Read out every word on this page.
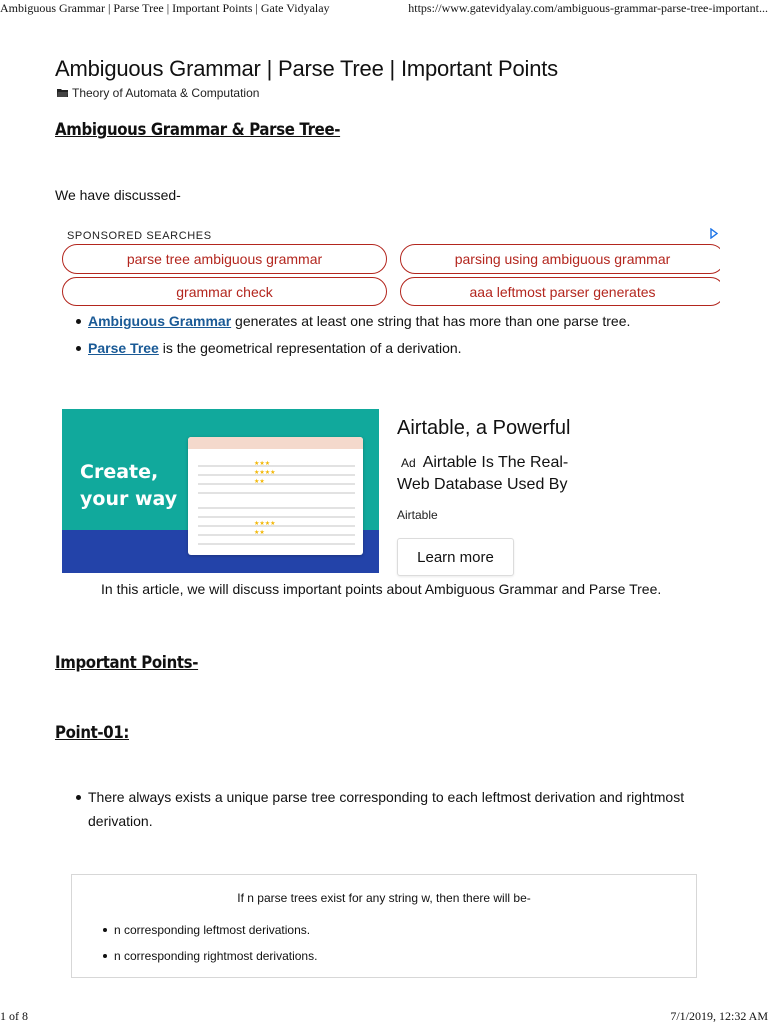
Ambiguous Grammar | Parse Tree | Important Points | Gate Vidyalay	https://www.gatevidyalay.com/ambiguous-grammar-parse-tree-important...
Ambiguous Grammar | Parse Tree | Important Points
Theory of Automata & Computation
Ambiguous Grammar & Parse Tree-
We have discussed-
SPONSORED SEARCHES
parse tree ambiguous grammar	parsing using ambiguous grammar
grammar check	aaa leftmost parser generates
Ambiguous Grammar generates at least one string that has more than one parse tree.
Parse Tree is the geometrical representation of a derivation.
Create,
your way
★★★
★★★★
★★
★★★★
★★
Airtable, a Powerful
Ad Airtable Is The Real-
Web Database Used By
Airtable
Learn more
In this article, we will discuss important points about Ambiguous Grammar and Parse Tree.
Important Points-
Point-01:
There always exists a unique parse tree corresponding to each leftmost derivation and rightmost derivation.
If n parse trees exist for any string w, then there will be-
n corresponding leftmost derivations.
n corresponding rightmost derivations.
1 of 8	7/1/2019, 12:32 AM
